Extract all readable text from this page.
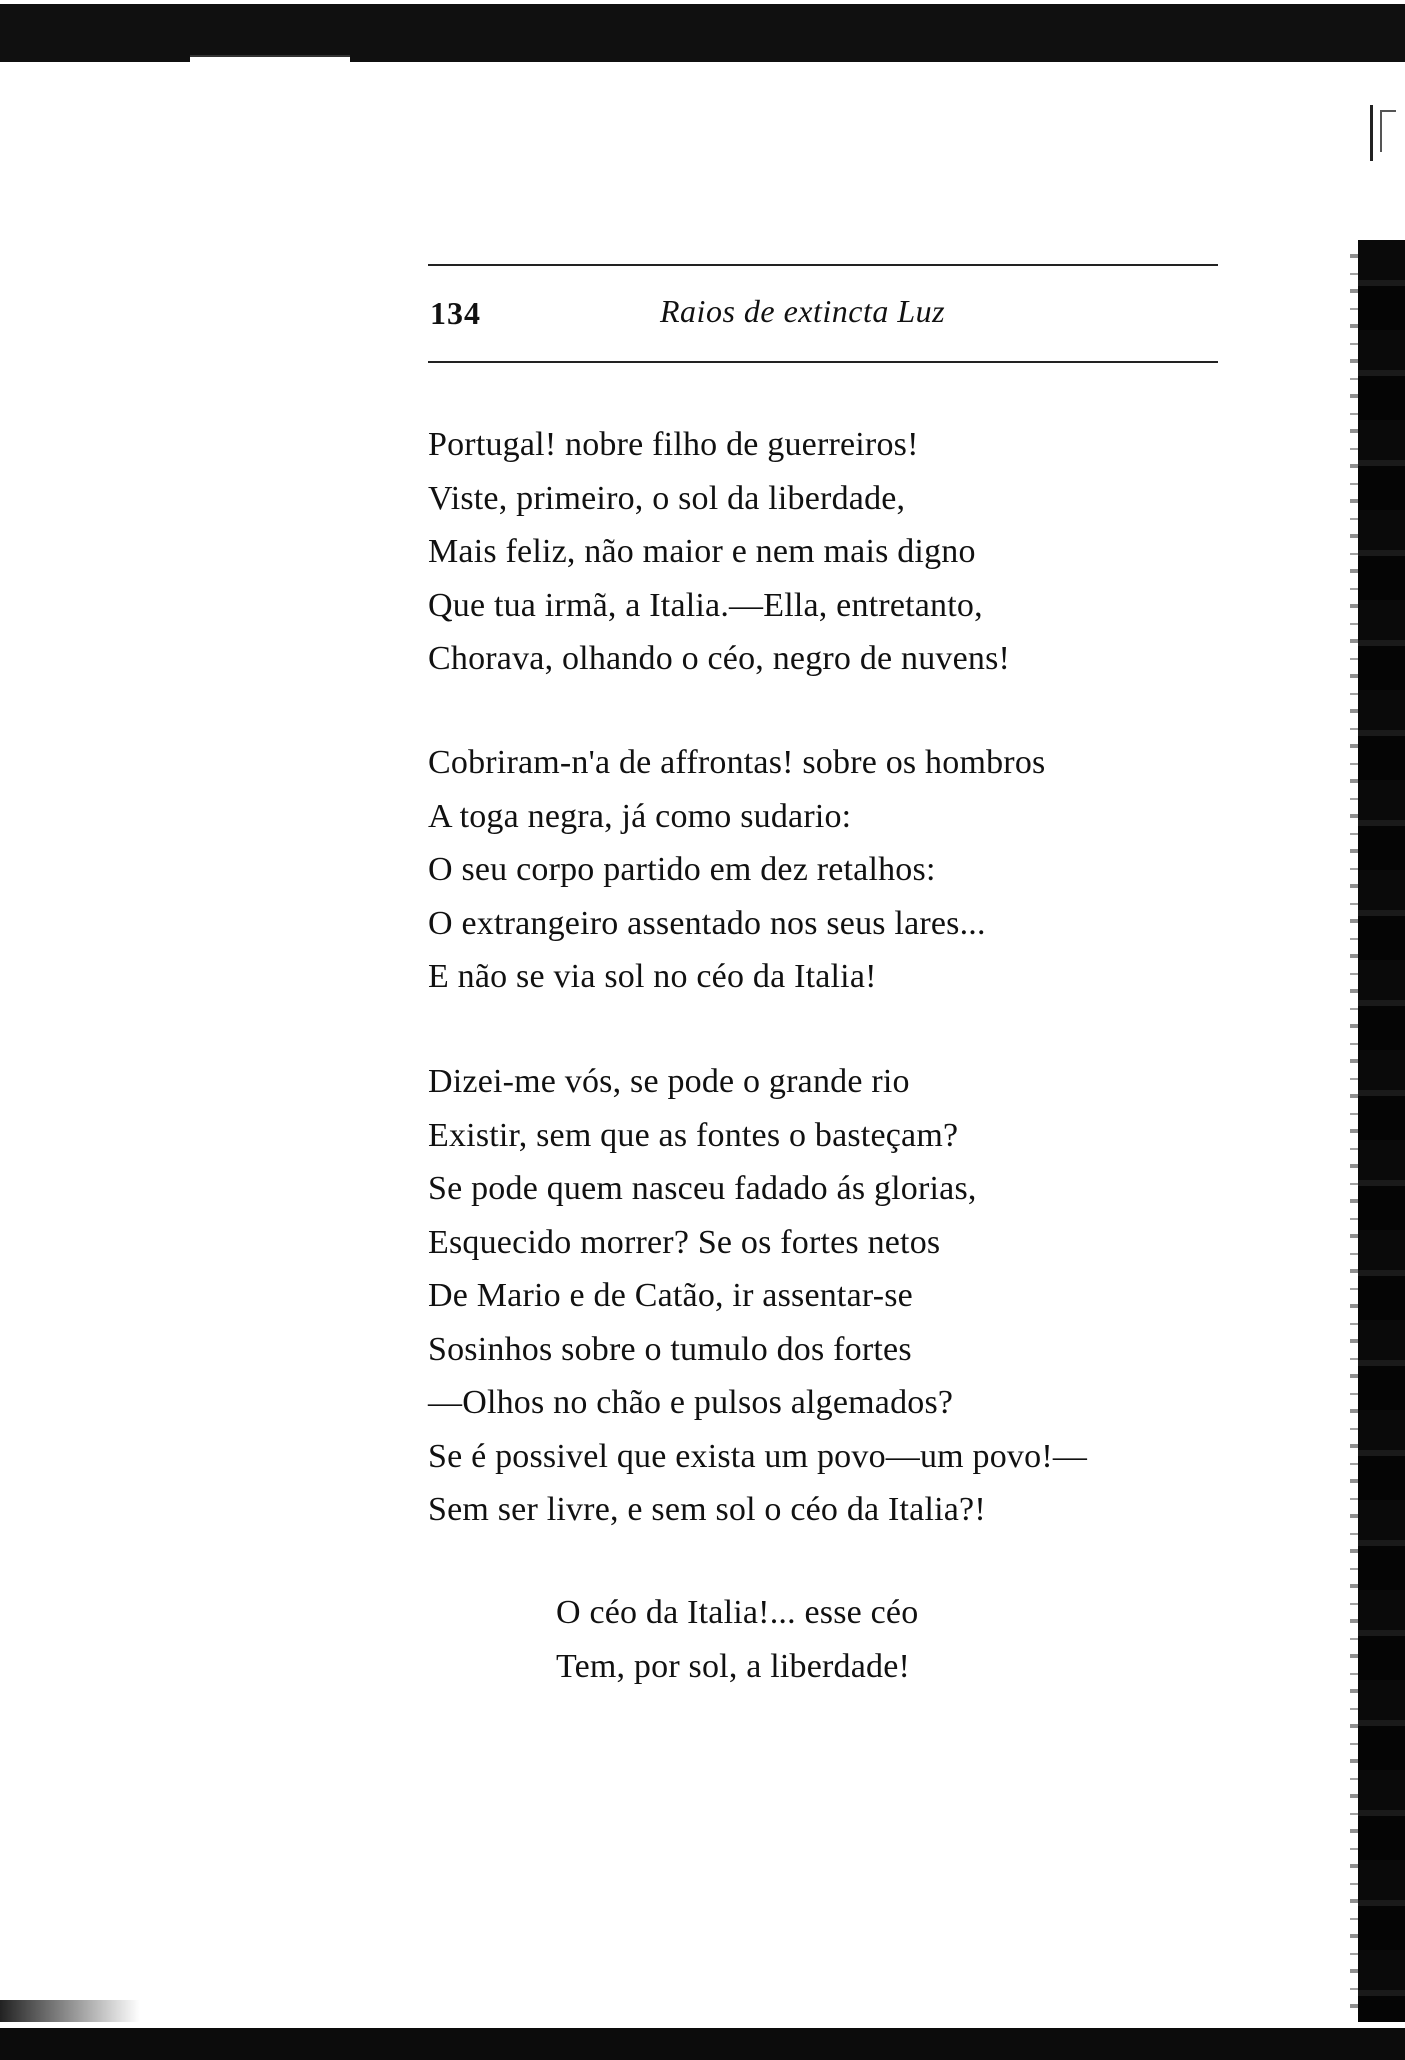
134	Raios de extincta Luz
Portugal! nobre filho de guerreiros!
Viste, primeiro, o sol da liberdade,
Mais feliz, não maior e nem mais digno
Que tua irmã, a Italia.—Ella, entretanto,
Chorava, olhando o céo, negro de nuvens!
Cobriram-n'a de affrontas! sobre os hombros
A toga negra, já como sudario:
O seu corpo partido em dez retalhos:
O extrangeiro assentado nos seus lares...
E não se via sol no céo da Italia!
Dizei-me vós, se pode o grande rio
Existir, sem que as fontes o basteçam?
Se pode quem nasceu fadado ás glorias,
Esquecido morrer? Se os fortes netos
De Mario e de Catão, ir assentar-se
Sosinhos sobre o tumulo dos fortes
—Olhos no chão e pulsos algemados?
Se é possivel que exista um povo—um povo!—
Sem ser livre, e sem sol o céo da Italia?!
O céo da Italia!... esse céo
Tem, por sol, a liberdade!
